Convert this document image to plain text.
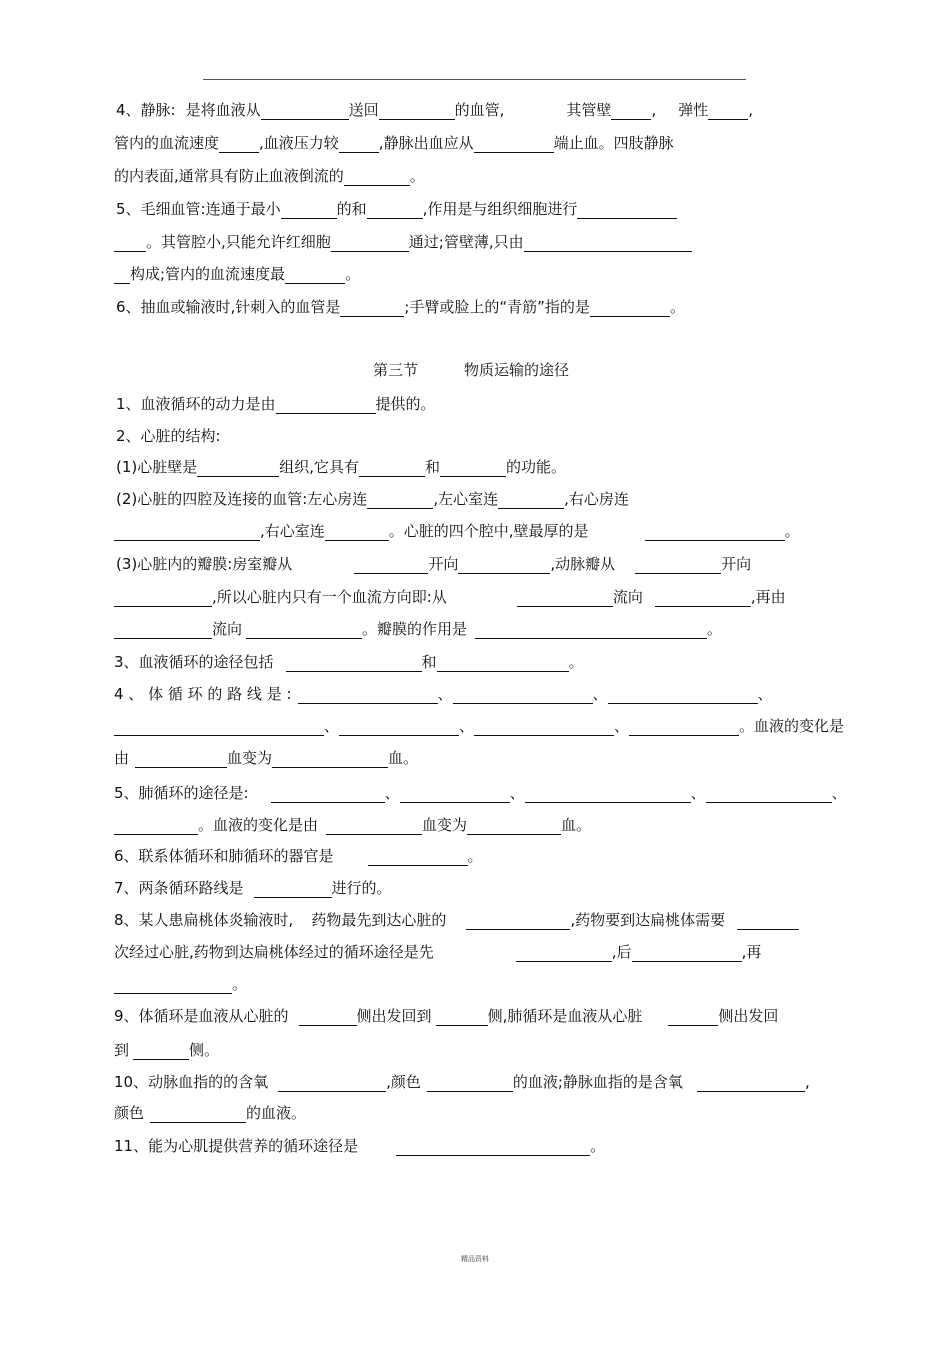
4、静脉: 是将血液从	送回	的血管,	其管壁	, 弹性	,
管内的血流速度	,血液压力较	,静脉出血应从	端止血。四肢静脉
的内表面,通常具有防止血液倒流的	。
5、毛细血管:连通于最小	的和	,作用是与组织细胞进行
。其管腔小,只能允许红细胞	通过;管壁薄,只由
构成;管内的血流速度最	。
6、抽血或输液时,针刺入的血管是	;手臂或脸上的“青筋”指的是	。
第三节	物质运输的途径
1、血液循环的动力是由	提供的。
2、心脏的结构:
(1)心脏壁是	组织,它具有	和	的功能。
(2)心脏的四腔及连接的血管:左心房连	,左心室连	,右心房连
,右心室连	。心脏的四个腔中,壁最厚的是	。
(3)心脏内的瓣膜:房室瓣从	开向	,动脉瓣从	开向
,所以心脏内只有一个血流方向即:从	流向	,再由
流向	。瓣膜的作用是	。
3、血液循环的途径包括	和	。
4 、 体 循 环 的 路 线 是 :	、	、	、
、	、	、	。血液的变化是
由	血变为	血。
5、肺循环的途径是:	、	、	、	、
。血液的变化是由	血变为	血。
6、联系体循环和肺循环的器官是	。
7、两条循环路线是	进行的。
8、某人患扁桃体炎输液时, 药物最先到达心脏的	,药物要到达扁桃体需要
次经过心脏,药物到达扁桃体经过的循环途径是先	,后	,再
。
9、体循环是血液从心脏的	侧出发回到	侧,肺循环是血液从心脏	侧出发回
到	侧。
10、动脉血指的的含氧	,颜色	的血液;静脉血指的是含氧	,
颜色	的血液。
11、能为心肌提供营养的循环途径是	。
精品资料
